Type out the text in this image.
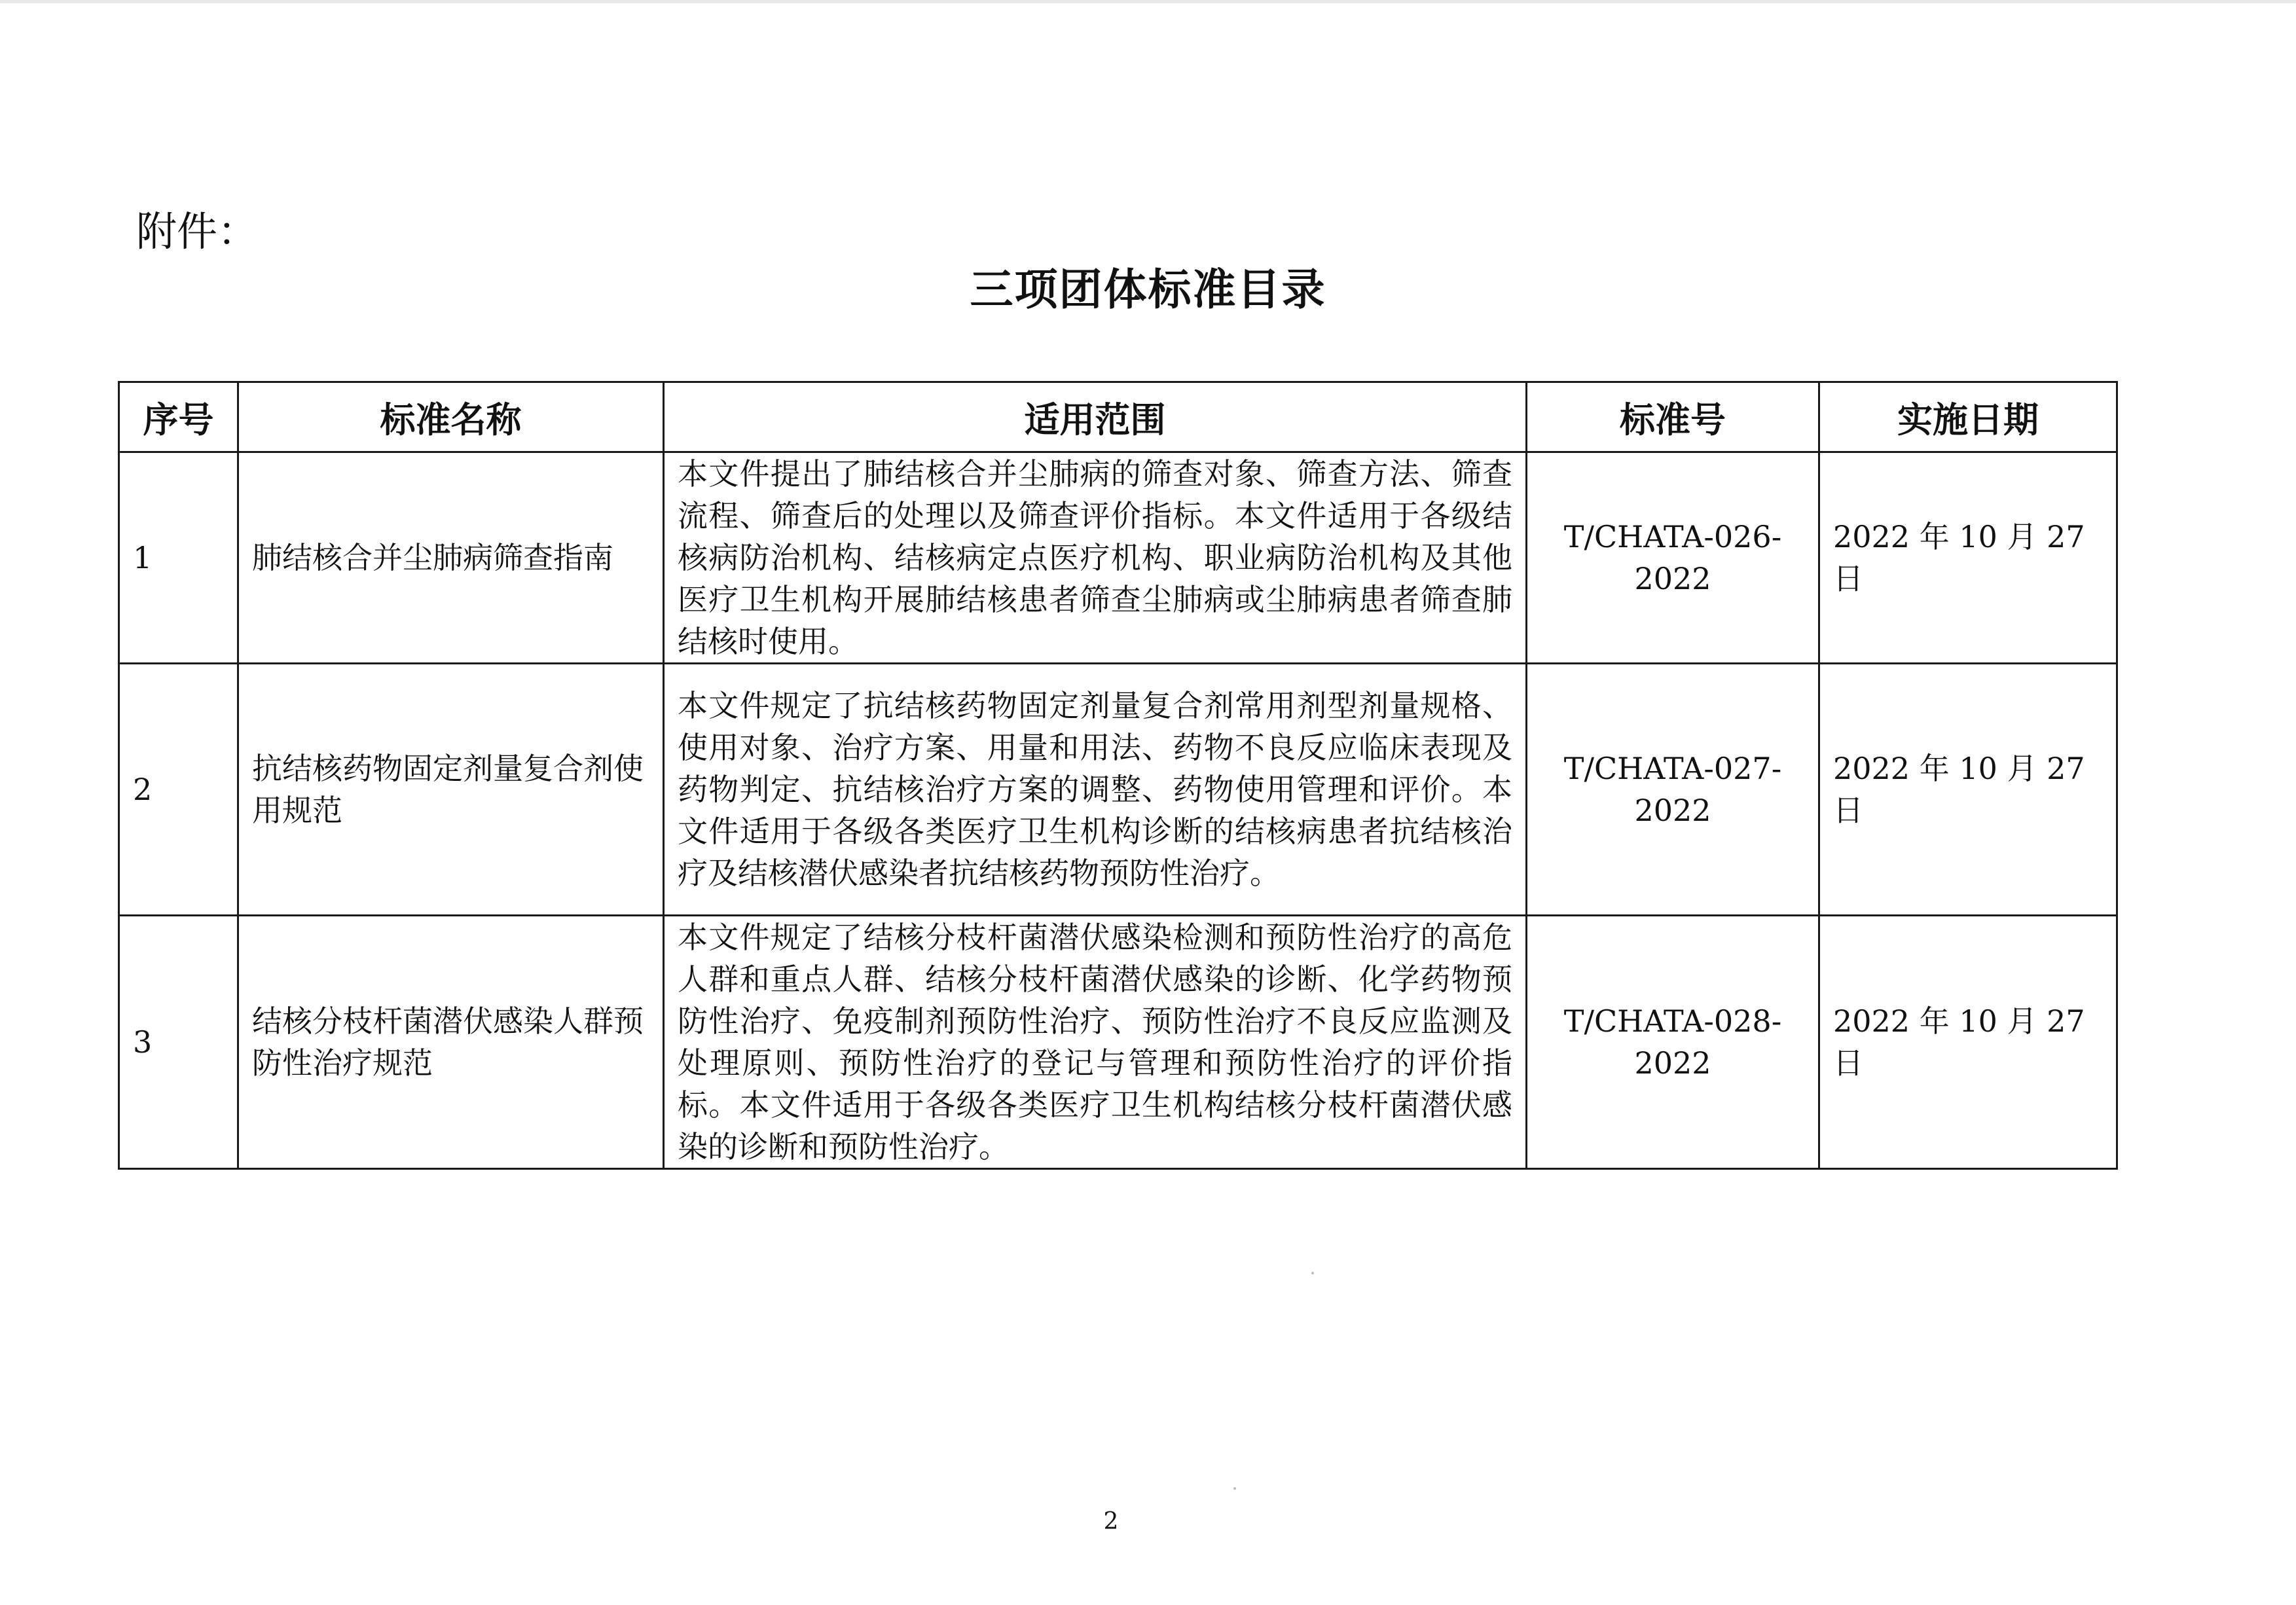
附件：
三项团体标准目录
序号	标准名称	适用范围	标准号	实施日期
1	肺结核合并尘肺病筛查指南	本文件提出了肺结核合并尘肺病的筛查对象、筛查方法、筛查流程、筛查后的处理以及筛查评价指标。本文件适用于各级结核病防治机构、结核病定点医疗机构、职业病防治机构及其他医疗卫生机构开展肺结核患者筛查尘肺病或尘肺病患者筛查肺结核时使用。	T/CHATA-026-2022	2022 年 10 月 27 日
2	抗结核药物固定剂量复合剂使用规范	本文件规定了抗结核药物固定剂量复合剂常用剂型剂量规格、使用对象、治疗方案、用量和用法、药物不良反应临床表现及药物判定、抗结核治疗方案的调整、药物使用管理和评价。本文件适用于各级各类医疗卫生机构诊断的结核病患者抗结核治疗及结核潜伏感染者抗结核药物预防性治疗。	T/CHATA-027-2022	2022 年 10 月 27 日
3	结核分枝杆菌潜伏感染人群预防性治疗规范	本文件规定了结核分枝杆菌潜伏感染检测和预防性治疗的高危人群和重点人群、结核分枝杆菌潜伏感染的诊断、化学药物预防性治疗、免疫制剂预防性治疗、预防性治疗不良反应监测及处理原则、预防性治疗的登记与管理和预防性治疗的评价指标。本文件适用于各级各类医疗卫生机构结核分枝杆菌潜伏感染的诊断和预防性治疗。	T/CHATA-028-2022	2022 年 10 月 27 日
2
